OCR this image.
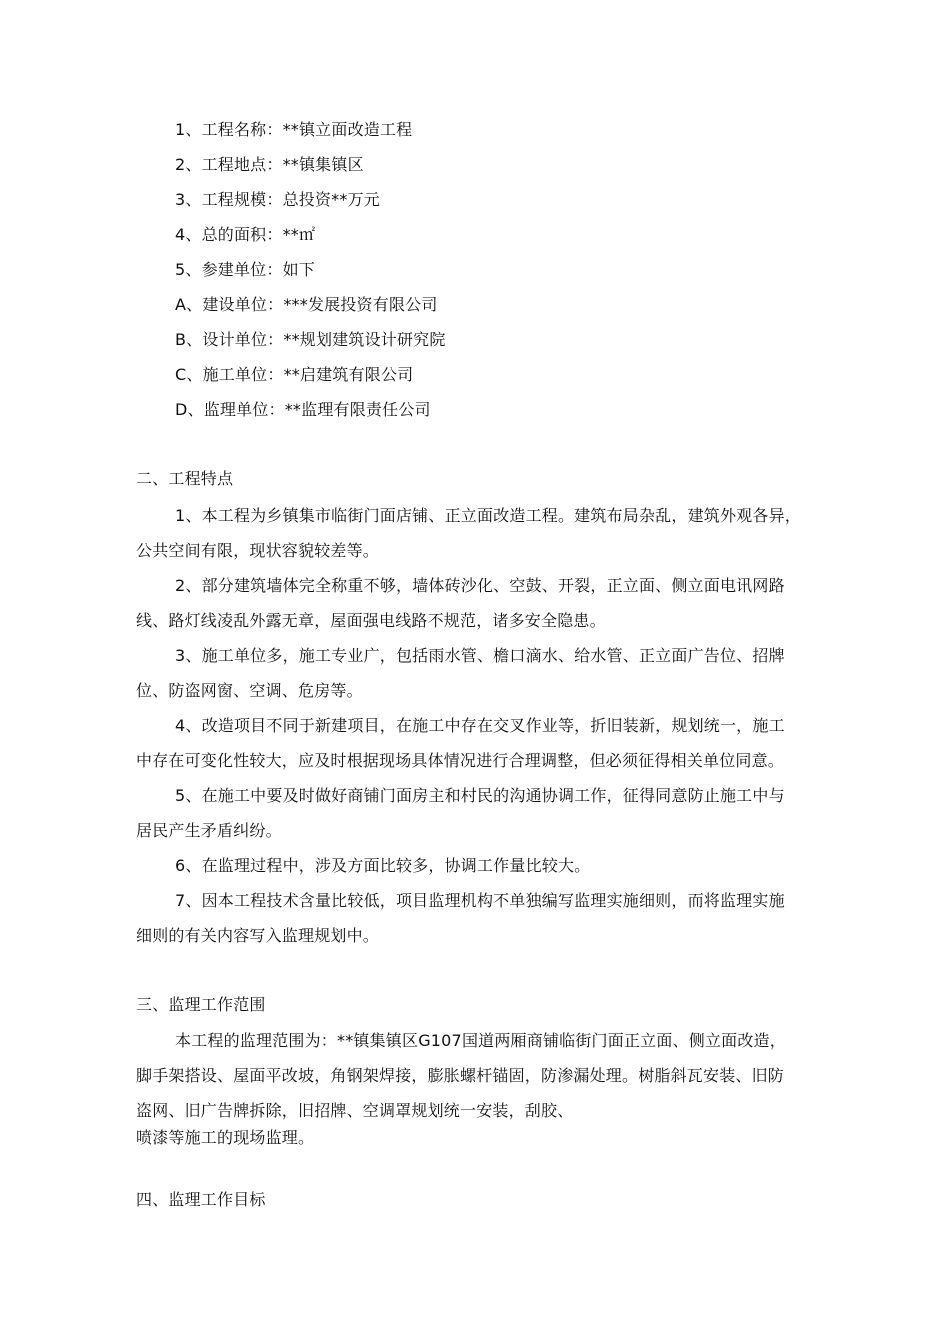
1、工程名称：**镇立面改造工程
2、工程地点：**镇集镇区
3、工程规模：总投资**万元
4、总的面积：**㎡
5、参建单位：如下
A、建设单位：***发展投资有限公司
B、设计单位：**规划建筑设计研究院
C、施工单位：**启建筑有限公司
D、监理单位：**监理有限责任公司
二、工程特点
1、本工程为乡镇集市临街门面店铺、正立面改造工程。建筑布局杂乱，建筑外观各异，
公共空间有限，现状容貌较差等。
2、部分建筑墙体完全称重不够，墙体砖沙化、空鼓、开裂，正立面、侧立面电讯网路
线、路灯线凌乱外露无章，屋面强电线路不规范，诸多安全隐患。
3、施工单位多，施工专业广，包括雨水管、檐口滴水、给水管、正立面广告位、招牌
位、防盗网窗、空调、危房等。
4、改造项目不同于新建项目，在施工中存在交叉作业等，折旧装新，规划统一，施工
中存在可变化性较大，应及时根据现场具体情况进行合理调整，但必须征得相关单位同意。
5、在施工中要及时做好商铺门面房主和村民的沟通协调工作，征得同意防止施工中与
居民产生矛盾纠纷。
6、在监理过程中，涉及方面比较多，协调工作量比较大。
7、因本工程技术含量比较低，项目监理机构不单独编写监理实施细则，而将监理实施
细则的有关内容写入监理规划中。
三、监理工作范围
本工程的监理范围为：**镇集镇区G107国道两厢商铺临街门面正立面、侧立面改造，
脚手架搭设、屋面平改坡，角钢架焊接，膨胀螺杆锚固，防渗漏处理。树脂斜瓦安装、旧防
盗网、旧广告牌拆除，旧招牌、空调罩规划统一安装，刮胶、
喷漆等施工的现场监理。
四、监理工作目标
